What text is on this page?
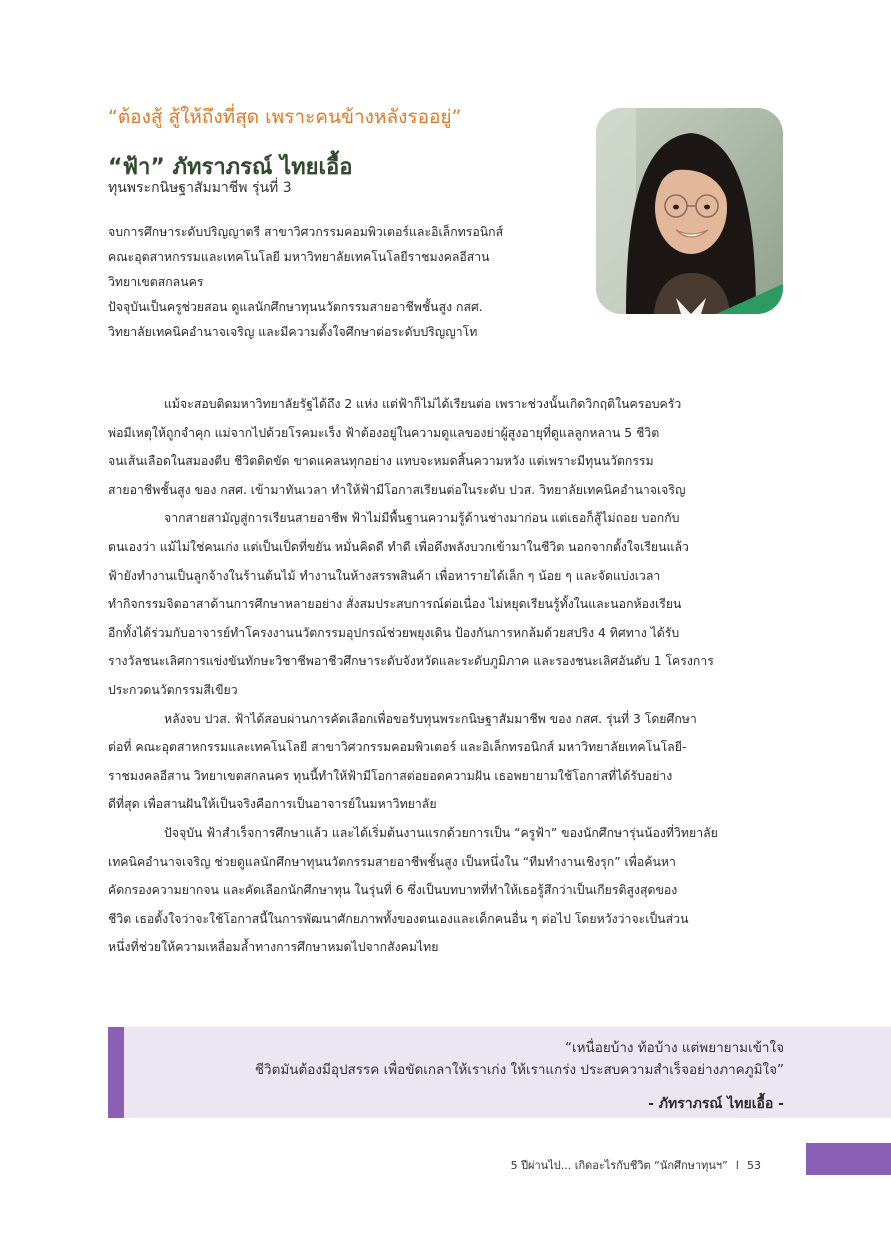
“ต้องสู้ สู้ให้ถึงที่สุด เพราะคนข้างหลังรออยู่”
“ฟ้า” ภัทราภรณ์ ไทยเอื้อ
ทุนพระกนิษฐาสัมมาชีพ รุ่นที่ 3

จบการศึกษาระดับปริญญาตรี สาขาวิศวกรรมคอมพิวเตอร์และอิเล็กทรอนิกส์

คณะอุตสาหกรรมและเทคโนโลยี มหาวิทยาลัยเทคโนโลยีราชมงคลอีสาน

วิทยาเขตสกลนคร

ปัจจุบันเป็นครูช่วยสอน ดูแลนักศึกษาทุนนวัตกรรมสายอาชีพชั้นสูง กสศ.

วิทยาลัยเทคนิคอำนาจเจริญ และมีความตั้งใจศึกษาต่อระดับปริญญาโท

แม้จะสอบติดมหาวิทยาลัยรัฐได้ถึง 2 แห่ง แต่ฟ้าก็ไม่ได้เรียนต่อ เพราะช่วงนั้นเกิดวิกฤติในครอบครัว
พ่อมีเหตุให้ถูกจำคุก แม่จากไปด้วยโรคมะเร็ง ฟ้าต้องอยู่ในความดูแลของย่าผู้สูงอายุที่ดูแลลูกหลาน 5 ชีวิต
จนเส้นเลือดในสมองตีบ ชีวิตติดขัด ขาดแคลนทุกอย่าง แทบจะหมดสิ้นความหวัง แต่เพราะมีทุนนวัตกรรม
สายอาชีพชั้นสูง ของ กสศ. เข้ามาทันเวลา ทำให้ฟ้ามีโอกาสเรียนต่อในระดับ ปวส. วิทยาลัยเทคนิคอำนาจเจริญ

จากสายสามัญสู่การเรียนสายอาชีพ ฟ้าไม่มีพื้นฐานความรู้ด้านช่างมาก่อน แต่เธอก็สู้ไม่ถอย บอกกับ
ตนเองว่า แม้ไม่ใช่คนเก่ง แต่เป็นเป็ดที่ขยัน หมั่นคิดดี ทำดี เพื่อดึงพลังบวกเข้ามาในชีวิต นอกจากตั้งใจเรียนแล้ว
ฟ้ายังทำงานเป็นลูกจ้างในร้านต้นไม้ ทำงานในห้างสรรพสินค้า เพื่อหารายได้เล็ก ๆ น้อย ๆ และจัดแบ่งเวลา
ทำกิจกรรมจิตอาสาด้านการศึกษาหลายอย่าง สั่งสมประสบการณ์ต่อเนื่อง ไม่หยุดเรียนรู้ทั้งในและนอกห้องเรียน
อีกทั้งได้ร่วมกับอาจารย์ทำโครงงานนวัตกรรมอุปกรณ์ช่วยพยุงเดิน ป้องกันการหกล้มด้วยสปริง 4 ทิศทาง ได้รับ
รางวัลชนะเลิศการแข่งขันทักษะวิชาชีพอาชีวศึกษาระดับจังหวัดและระดับภูมิภาค และรองชนะเลิศอันดับ 1 โครงการ
ประกวดนวัตกรรมสีเขียว

หลังจบ ปวส. ฟ้าได้สอบผ่านการคัดเลือกเพื่อขอรับทุนพระกนิษฐาสัมมาชีพ ของ กสศ. รุ่นที่ 3 โดยศึกษา
ต่อที่ คณะอุตสาหกรรมและเทคโนโลยี สาขาวิศวกรรมคอมพิวเตอร์ และอิเล็กทรอนิกส์ มหาวิทยาลัยเทคโนโลยี-
ราชมงคลอีสาน วิทยาเขตสกลนคร ทุนนี้ทำให้ฟ้ามีโอกาสต่อยอดความฝัน เธอพยายามใช้โอกาสที่ได้รับอย่าง
ดีที่สุด เพื่อสานฝันให้เป็นจริงคือการเป็นอาจารย์ในมหาวิทยาลัย

ปัจจุบัน ฟ้าสำเร็จการศึกษาแล้ว และได้เริ่มต้นงานแรกด้วยการเป็น “ครูฟ้า” ของนักศึกษารุ่นน้องที่วิทยาลัย
เทคนิคอำนาจเจริญ ช่วยดูแลนักศึกษาทุนนวัตกรรมสายอาชีพชั้นสูง เป็นหนึ่งใน “ทีมทำงานเชิงรุก” เพื่อค้นหา
คัดกรองความยากจน และคัดเลือกนักศึกษาทุน ในรุ่นที่ 6 ซึ่งเป็นบทบาทที่ทำให้เธอรู้สึกว่าเป็นเกียรติสูงสุดของ
ชีวิต เธอตั้งใจว่าจะใช้โอกาสนี้ในการพัฒนาศักยภาพทั้งของตนเองและเด็กคนอื่น ๆ ต่อไป โดยหวังว่าจะเป็นส่วน
หนึ่งที่ช่วยให้ความเหลื่อมล้ำทางการศึกษาหมดไปจากสังคมไทย

“เหนื่อยบ้าง ท้อบ้าง แต่พยายามเข้าใจ

ชีวิตมันต้องมีอุปสรรค เพื่อขัดเกลาให้เราเก่ง ให้เราแกร่ง ประสบความสำเร็จอย่างภาคภูมิใจ”

- ภัทราภรณ์ ไทยเอื้อ -
5 ปีผ่านไป... เกิดอะไรกับชีวิต “นักศึกษาทุนฯ” I 53
